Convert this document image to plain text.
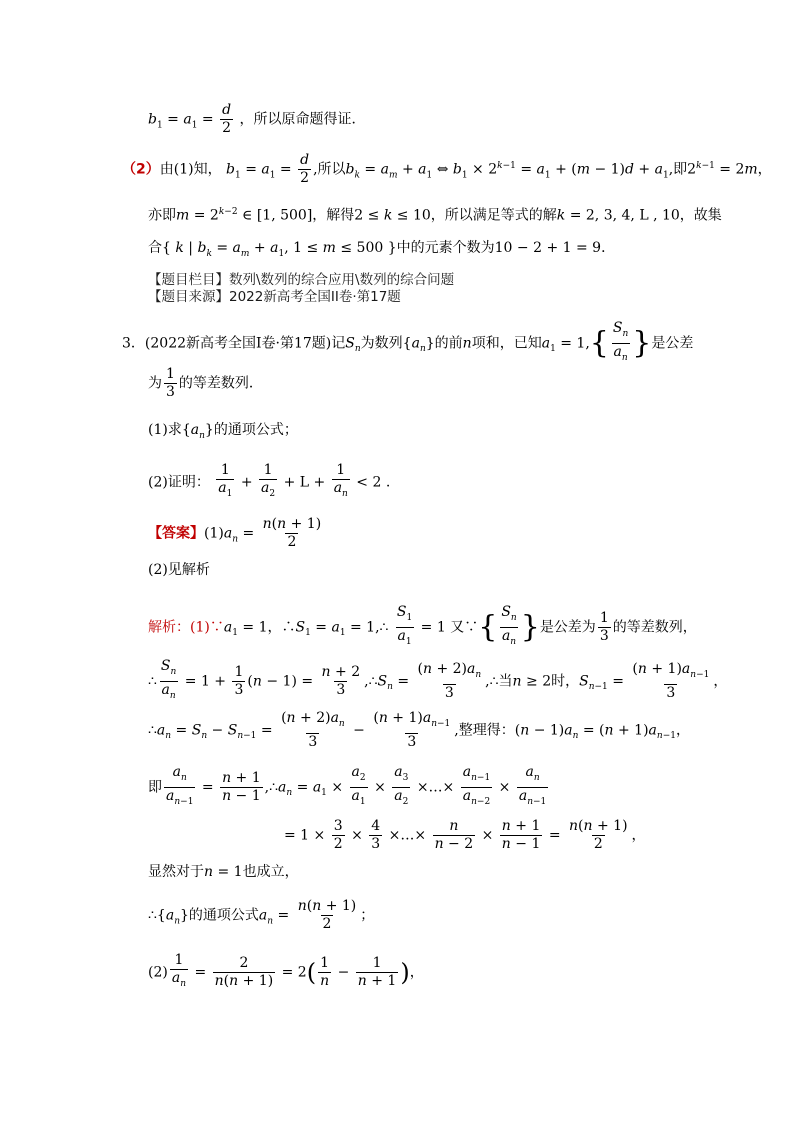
$b_1 = a_1 = \frac{d}{2}$ ，所以原命题得证．
（2）由(1)知， $b_1 = a_1 = \frac{d}{2}$ ,所以$b_k = a_m + a_1$ ⇔ $b_1 \times 2^{k-1} = a_1 + (m - 1)d + a_1$,即$2^{k-1} = 2m$，
亦即$m = 2^{k-2}$ ∈ [1, 500]，解得2 ≤ k ≤ 10，所以满足等式的解k = 2, 3, 4, L , 10，故集
合{ k | $b_k = a_m + a_1$, 1 ≤ m ≤ 500 }中的元素个数为10 − 2 + 1 = 9．
【题目栏目】数列\数列的综合应用\数列的综合问题
【题目来源】2022新高考全国II卷·第17题
3．(2022新高考全国I卷·第17题)记$S_n$为数列$\{a_n\}$的前n项和，已知$a_1 = 1,\{ \frac{S_n}{a_n}$ }是公差
为 $\frac{1}{3}$ 的等差数列．
(1)求$\{a_n\}$的通项公式；
(2)证明： $\frac{1}{a_1} + \frac{1}{a_2} + L + \frac{1}{a_n} < 2$ .
【答案】$(1)a_n = \frac{n(n + 1)}{2}$
(2)见解析
解析：$(1)\because a_1 = 1$，$\therefore S_1 = a_1$ = 1,∴ $\frac{S_1}{a_1} = 1$ 又∵{ $\frac{S_n}{a_n}$ }是公差为 $\frac{1}{3}$ 的等差数列，
∴ $\frac{S_n}{a_n} = 1 + \frac{1}{3} (n - 1) = \frac{n + 2}{3}$ $,\therefore S_n = \frac{(n + 2)a_n}{3}$ ,∴当n ≥ 2时，$S_{n-1} = \frac{(n + 1)a_{n-1}}{3}$ ，
$\therefore a_n = S_n - S_{n-1} = \frac{(n + 2)a_n}{3} - \frac{(n + 1)a_{n-1}}{3}$ ,整理得：$(n - 1)a_n = (n + 1)a_{n-1}$，
即 $\frac{a_n}{a_{n-1}} = \frac{n + 1}{n - 1}$ $,\therefore a_n = a_1 \times \frac{a_2}{a_1} \times \frac{a_3}{a_2}$ ×…× $\frac{a_{n-1}}{a_{n-2}} \times \frac{a_n}{a_{n-1}}$
= $1 \times \frac{3}{2} \times \frac{4}{3}$ ×…× $\frac{n}{n - 2} \times \frac{n + 1}{n - 1} = \frac{n(n + 1)}{2}$ ，
显然对于n = 1也成立，
$\therefore\{a_n\}$的通项公式$a_n = \frac{n(n + 1)}{2}$ ；
$(2) \frac{1}{a_n} = \frac{2}{n(n + 1)} = 2( \frac{1}{n} - \frac{1}{n + 1}$ )，
